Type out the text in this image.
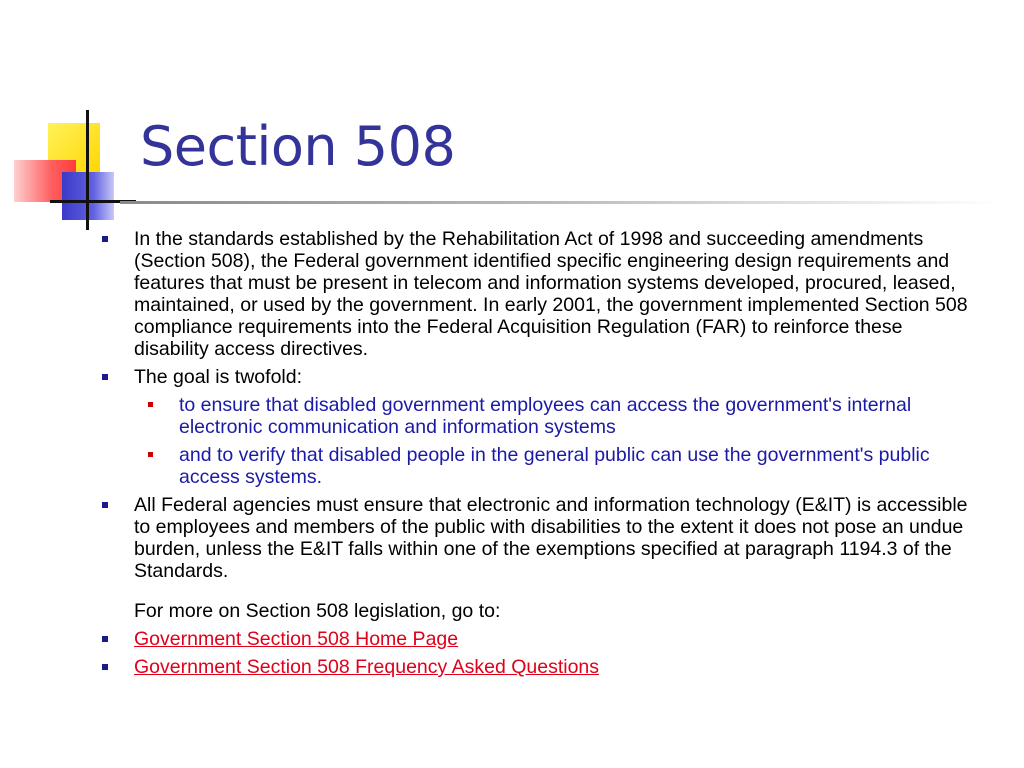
Section 508
In the standards established by the Rehabilitation Act of 1998 and succeeding amendments (Section 508), the Federal government identified specific engineering design requirements and features that must be present in telecom and information systems developed, procured, leased, maintained, or used by the government. In early 2001, the government implemented Section 508 compliance requirements into the Federal Acquisition Regulation (FAR) to reinforce these disability access directives.
The goal is twofold:
to ensure that disabled government employees can access the government's internal electronic communication and information systems
and to verify that disabled people in the general public can use the government's public access systems.
All Federal agencies must ensure that electronic and information technology (E&IT) is accessible to employees and members of the public with disabilities to the extent it does not pose an undue burden, unless the E&IT falls within one of the exemptions specified at paragraph 1194.3 of the Standards.
For more on Section 508 legislation, go to:
Government Section 508 Home Page
Government Section 508 Frequency Asked Questions
